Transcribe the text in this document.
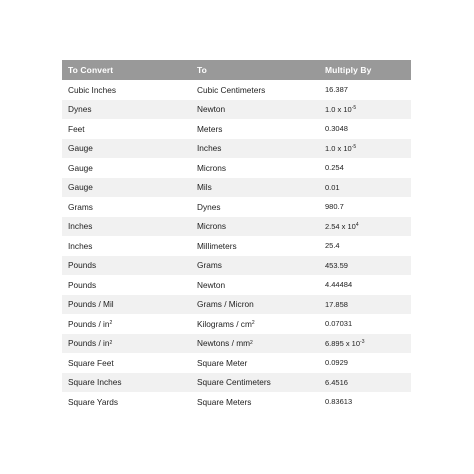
To Convert	To	Multiply By
Cubic Inches	Cubic Centimeters	16.387
Dynes	Newton	1.0 x $10^{-5}$
Feet	Meters	0.3048
Gauge	Inches	1.0 x $10^{-5}$
Gauge	Microns	0.254
Gauge	Mils	0.01
Grams	Dynes	980.7
Inches	Microns	2.54 x $10^4$
Inches	Millimeters	25.4
Pounds	Grams	453.59
Pounds	Newton	4.44484
Pounds / Mil	Grams / Micron	17.858
Pounds / $in^2$	Kilograms / $cm^2$	0.07031
Pounds / $in^2$	Newtons / $mm^2$	6.895 x $10^{-3}$
Square Feet	Square Meter	0.0929
Square Inches	Square Centimeters	6.4516
Square Yards	Square Meters	0.83613
